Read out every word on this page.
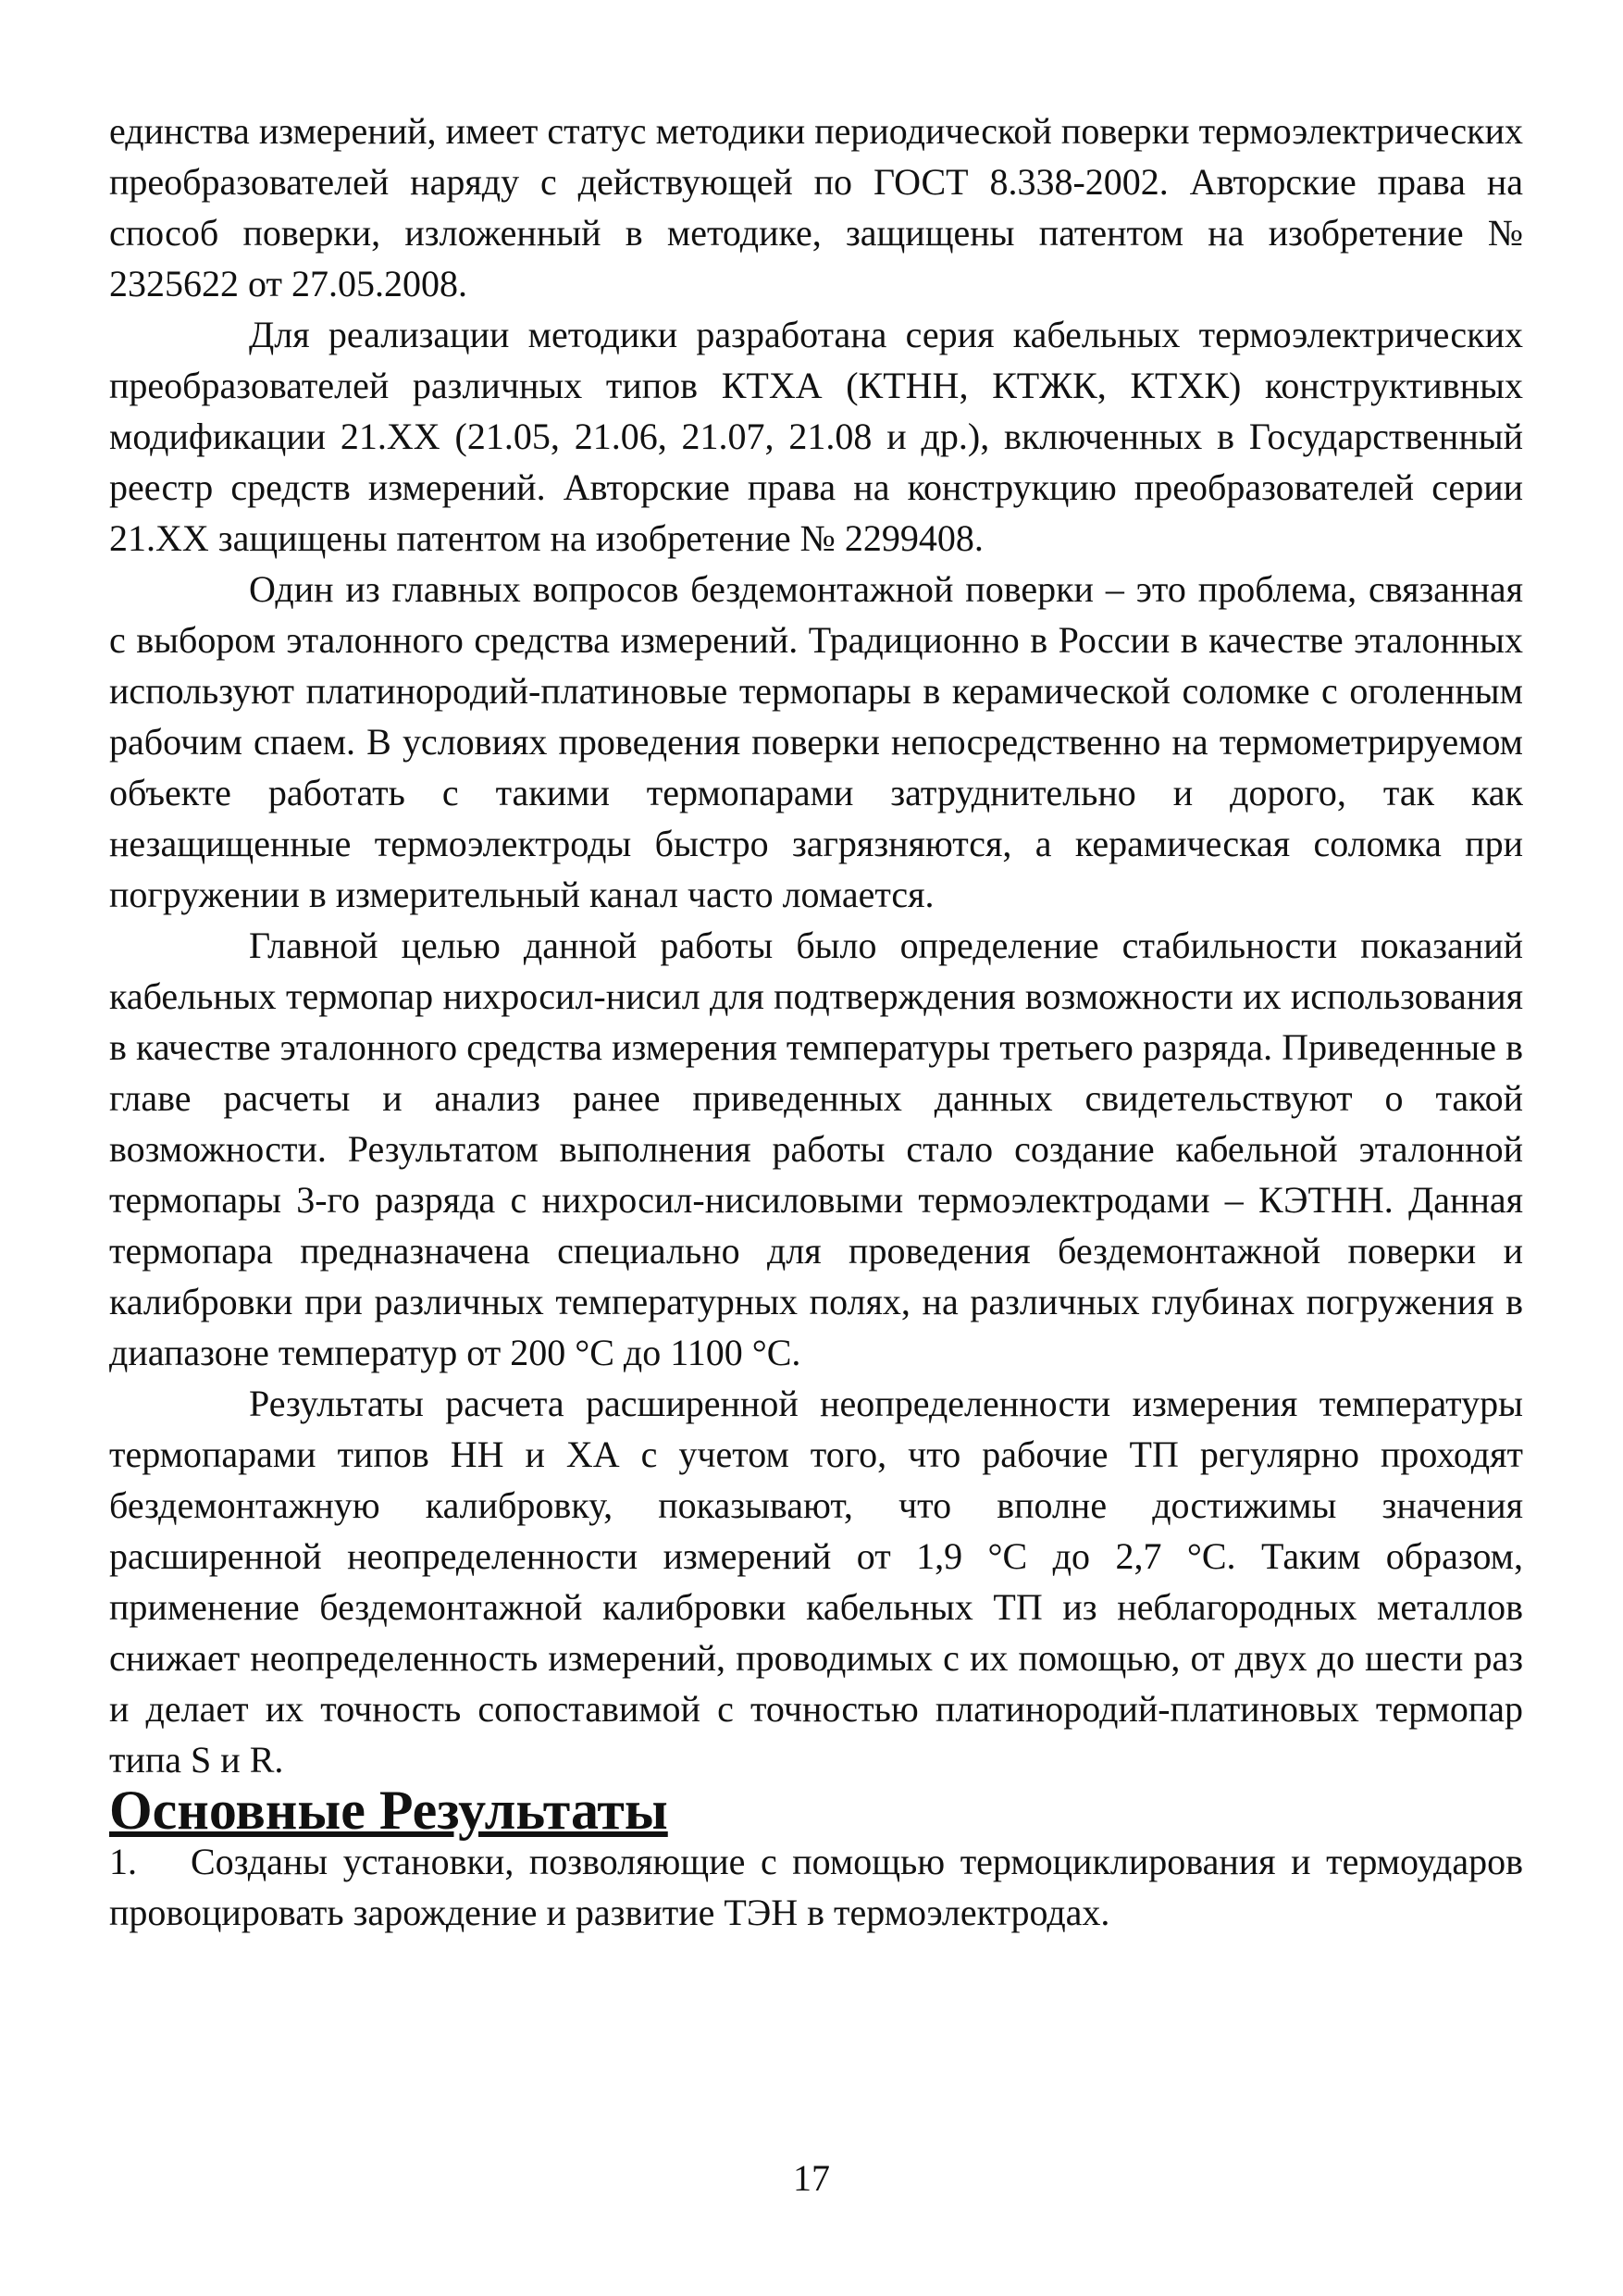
единства измерений, имеет статус методики периодической поверки термоэлектрических преобразователей наряду с действующей по ГОСТ 8.338-2002. Авторские права на способ поверки, изложенный в методике, защищены патентом на изобретение № 2325622 от 27.05.2008.

Для реализации методики разработана серия кабельных термоэлектрических преобразователей различных типов КТХА (КТНН, КТЖК, КТХК) конструктивных модификации 21.ХХ (21.05, 21.06, 21.07, 21.08 и др.), включенных в Государственный реестр средств измерений. Авторские права на конструкцию преобразователей серии 21.ХХ защищены патентом на изобретение № 2299408.

Один из главных вопросов бездемонтажной поверки – это проблема, связанная с выбором эталонного средства измерений. Традиционно в России в качестве эталонных используют платинородий-платиновые термопары в керамической соломке с оголенным рабочим спаем. В условиях проведения поверки непосредственно на термометрируемом объекте работать с такими термопарами затруднительно и дорого, так как незащищенные термоэлектроды быстро загрязняются, а керамическая соломка при погружении в измерительный канал часто ломается.

Главной целью данной работы было определение стабильности показаний кабельных термопар нихросил-нисил для подтверждения возможности их использования в качестве эталонного средства измерения температуры третьего разряда. Приведенные в главе расчеты и анализ ранее приведенных данных свидетельствуют о такой возможности. Результатом выполнения работы стало создание кабельной эталонной термопары 3-го разряда с нихросил-нисиловыми термоэлектродами – КЭТНН. Данная термопара предназначена специально для проведения бездемонтажной поверки и калибровки при различных температурных полях, на различных глубинах погружения в диапазоне температур от 200 °С до 1100 °С.

Результаты расчета расширенной неопределенности измерения температуры термопарами типов НН и ХА с учетом того, что рабочие ТП регулярно проходят бездемонтажную калибровку, показывают, что вполне достижимы значения расширенной неопределенности измерений от 1,9 °С до 2,7 °С. Таким образом, применение бездемонтажной калибровки кабельных ТП из неблагородных металлов снижает неопределенность измерений, проводимых с их помощью, от двух до шести раз и делает их точность сопоставимой с точностью платинородий-платиновых термопар типа S и R.

Основные Результаты

1. Созданы установки, позволяющие с помощью термоциклирования и термоударов провоцировать зарождение и развитие ТЭН в термоэлектродах.

17
